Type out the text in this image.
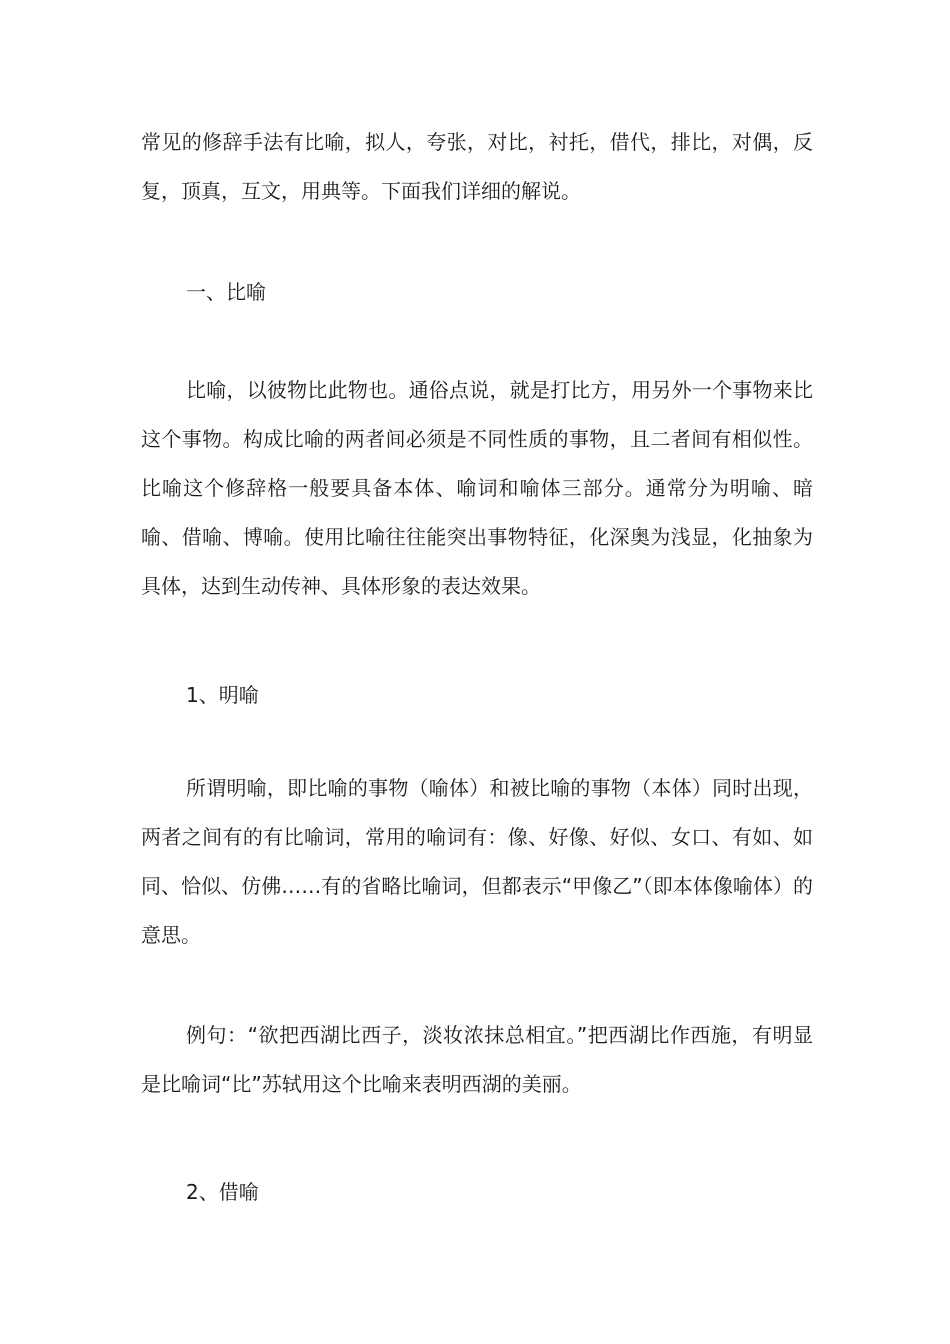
常见的修辞手法有比喻，拟人，夸张，对比，衬托，借代，排比，对偶，反复，顶真，互文，用典等。下面我们详细的解说。

一、比喻

比喻，以彼物比此物也。通俗点说，就是打比方，用另外一个事物来比这个事物。构成比喻的两者间必须是不同性质的事物，且二者间有相似性。比喻这个修辞格一般要具备本体、喻词和喻体三部分。通常分为明喻、暗喻、借喻、博喻。使用比喻往往能突出事物特征，化深奥为浅显，化抽象为具体，达到生动传神、具体形象的表达效果。

1、明喻

所谓明喻，即比喻的事物（喻体）和被比喻的事物（本体）同时出现，两者之间有的有比喻词，常用的喻词有：像、好像、好似、女口、有如、如同、恰似、仿佛……有的省略比喻词，但都表示“甲像乙”（即本体像喻体）的意思。

例句：“欲把西湖比西子，淡妆浓抹总相宜。”把西湖比作西施，有明显是比喻词“比”苏轼用这个比喻来表明西湖的美丽。

2、借喻
